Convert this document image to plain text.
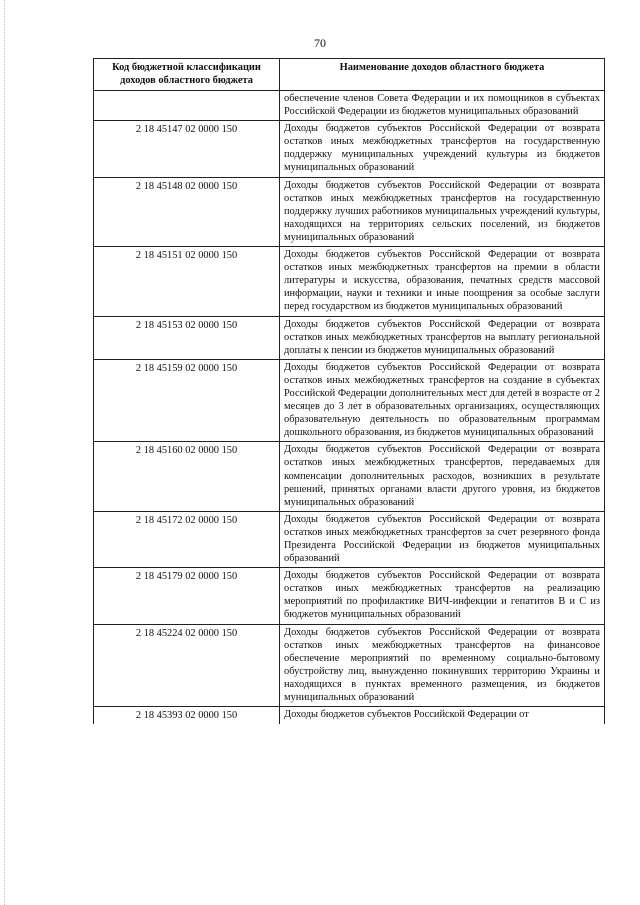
70
Код бюджетной классификации доходов областного бюджета	Наименование доходов областного бюджета
	обеспечение членов Совета Федерации и их помощников в субъектах Российской Федерации из бюджетов муниципальных образований
2 18 45147 02 0000 150	Доходы бюджетов субъектов Российской Федерации от возврата остатков иных межбюджетных трансфертов на государственную поддержку муниципальных учреждений культуры из бюджетов муниципальных образований
2 18 45148 02 0000 150	Доходы бюджетов субъектов Российской Федерации от возврата остатков иных межбюджетных трансфертов на государственную поддержку лучших работников муниципальных учреждений культуры, находящихся на территориях сельских поселений, из бюджетов муниципальных образований
2 18 45151 02 0000 150	Доходы бюджетов субъектов Российской Федерации от возврата остатков иных межбюджетных трансфертов на премии в области литературы и искусства, образования, печатных средств массовой информации, науки и техники и иные поощрения за особые заслуги перед государством из бюджетов муниципальных образований
2 18 45153 02 0000 150	Доходы бюджетов субъектов Российской Федерации от возврата остатков иных межбюджетных трансфертов на выплату региональной доплаты к пенсии из бюджетов муниципальных образований
2 18 45159 02 0000 150	Доходы бюджетов субъектов Российской Федерации от возврата остатков иных межбюджетных трансфертов на создание в субъектах Российской Федерации дополнительных мест для детей в возрасте от 2 месяцев до 3 лет в образовательных организациях, осуществляющих образовательную деятельность по образовательным программам дошкольного образования, из бюджетов муниципальных образований
2 18 45160 02 0000 150	Доходы бюджетов субъектов Российской Федерации от возврата остатков иных межбюджетных трансфертов, передаваемых для компенсации дополнительных расходов, возникших в результате решений, принятых органами власти другого уровня, из бюджетов муниципальных образований
2 18 45172 02 0000 150	Доходы бюджетов субъектов Российской Федерации от возврата остатков иных межбюджетных трансфертов за счет резервного фонда Президента Российской Федерации из бюджетов муниципальных образований
2 18 45179 02 0000 150	Доходы бюджетов субъектов Российской Федерации от возврата остатков иных межбюджетных трансфертов на реализацию мероприятий по профилактике ВИЧ-инфекции и гепатитов В и С из бюджетов муниципальных образований
2 18 45224 02 0000 150	Доходы бюджетов субъектов Российской Федерации от возврата остатков иных межбюджетных трансфертов на финансовое обеспечение мероприятий по временному социально-бытовому обустройству лиц, вынужденно покинувших территорию Украины и находящихся в пунктах временного размещения, из бюджетов муниципальных образований
2 18 45393 02 0000 150	Доходы бюджетов субъектов Российской Федерации от
